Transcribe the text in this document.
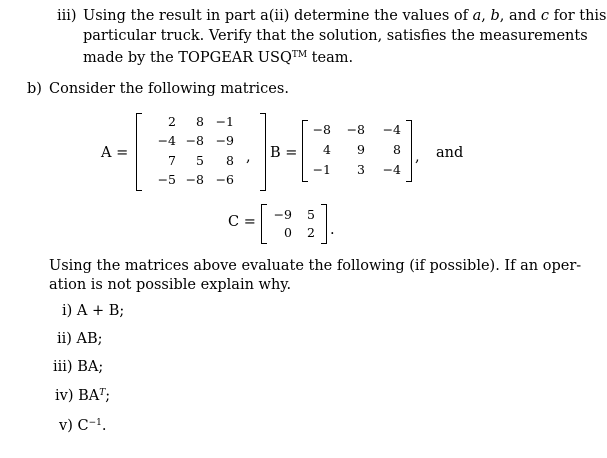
iii) Using the result in part a(ii) determine the values of a, b, and c for this
particular truck. Verify that the solution, satisfies the measurements
made by the TOPGEAR USQ™ team.
b) Consider the following matrices.
A =
2	8 −1
−4 −8 −9
7	5	8
−5 −8 −6
, B =
−8	−8	−4
4	9	8
−1	3	−4
, and
C =	−9	5
0	2 .
Using the matrices above evaluate the following (if possible). If an oper-
ation is not possible explain why.
i) A + B;
ii) AB;
iii) BA;
iv) $BA^T$;
v) $C^{-1}$.
